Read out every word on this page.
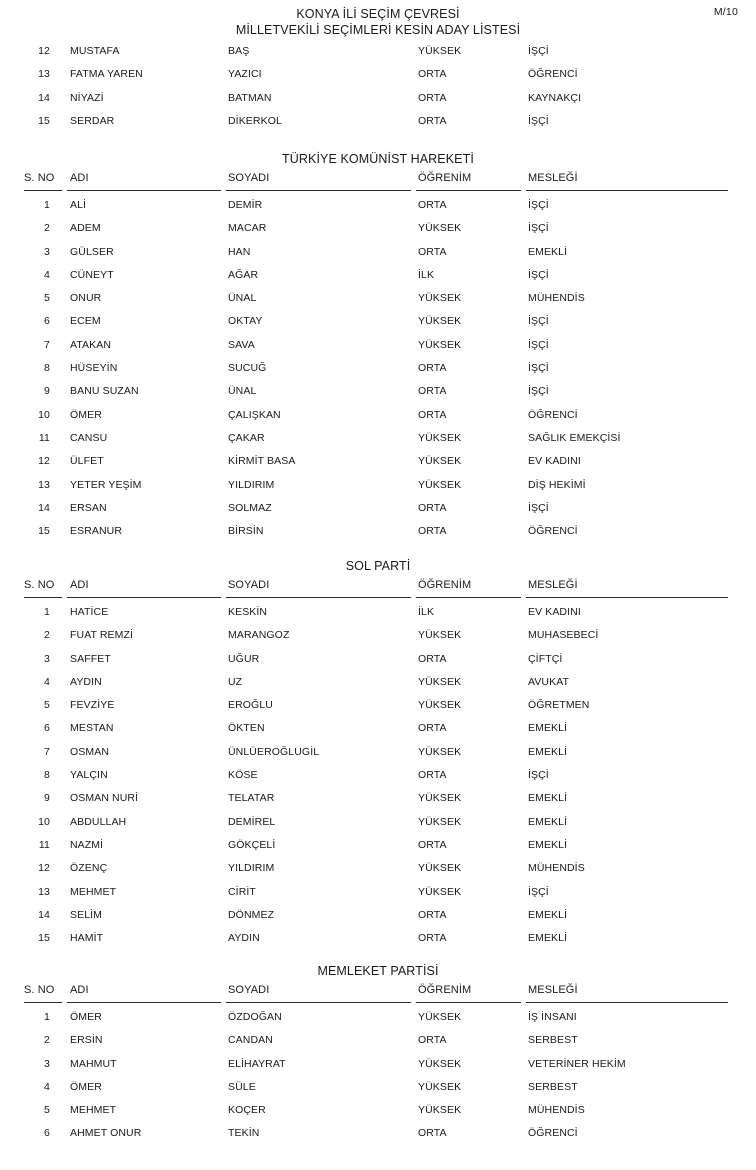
KONYA İLİ SEÇİM ÇEVRESİ
MİLLETVEKİLİ SEÇİMLERİ KESİN ADAY LİSTESİ
M/10
12 MUSTAFA	BAŞ	YÜKSEK	İŞÇİ
13 FATMA YAREN	YAZICI	ORTA	ÖĞRENCİ
14 NİYAZİ	BATMAN	ORTA	KAYNAKÇI
15 SERDAR	DİKERKOL	ORTA	İŞÇİ
TÜRKİYE KOMÜNİST HAREKETİ
S. NO	ADI	SOYADI	ÖĞRENİM	MESLEĞİ
1 ALİ	DEMİR	ORTA	İŞÇİ
2 ADEM	MACAR	YÜKSEK	İŞÇİ
3 GÜLSER	HAN	ORTA	EMEKLİ
4 CÜNEYT	AĞAR	İLK	İŞÇİ
5 ONUR	ÜNAL	YÜKSEK	MÜHENDİS
6 ECEM	OKTAY	YÜKSEK	İŞÇİ
7 ATAKAN	SAVA	YÜKSEK	İŞÇİ
8 HÜSEYİN	SUCUĞ	ORTA	İŞÇİ
9 BANU SUZAN	ÜNAL	ORTA	İŞÇİ
10 ÖMER	ÇALIŞKAN	ORTA	ÖĞRENCİ
11 CANSU	ÇAKAR	YÜKSEK	SAĞLIK EMEKÇİSİ
12 ÜLFET	KİRMİT BASA	YÜKSEK	EV KADINI
13 YETER YEŞİM	YILDIRIM	YÜKSEK	DİŞ HEKİMİ
14 ERSAN	SOLMAZ	ORTA	İŞÇİ
15 ESRANUR	BİRSİN	ORTA	ÖĞRENCİ
SOL PARTİ
S. NO	ADI	SOYADI	ÖĞRENİM	MESLEĞİ
1 HATİCE	KESKİN	İLK	EV KADINI
2 FUAT REMZİ	MARANGOZ	YÜKSEK	MUHASEBECİ
3 SAFFET	UĞUR	ORTA	ÇİFTÇİ
4 AYDIN	UZ	YÜKSEK	AVUKAT
5 FEVZİYE	EROĞLU	YÜKSEK	ÖĞRETMEN
6 MESTAN	ÖKTEN	ORTA	EMEKLİ
7 OSMAN	ÜNLÜEROĞLUGİL	YÜKSEK	EMEKLİ
8 YALÇIN	KÖSE	ORTA	İŞÇİ
9 OSMAN NURİ	TELATAR	YÜKSEK	EMEKLİ
10 ABDULLAH	DEMİREL	YÜKSEK	EMEKLİ
11 NAZMİ	GÖKÇELİ	ORTA	EMEKLİ
12 ÖZENÇ	YILDIRIM	YÜKSEK	MÜHENDİS
13 MEHMET	CİRİT	YÜKSEK	İŞÇİ
14 SELİM	DÖNMEZ	ORTA	EMEKLİ
15 HAMİT	AYDIN	ORTA	EMEKLİ
MEMLEKET PARTİSİ
S. NO	ADI	SOYADI	ÖĞRENİM	MESLEĞİ
1 ÖMER	ÖZDOĞAN	YÜKSEK	İŞ İNSANI
2 ERSİN	CANDAN	ORTA	SERBEST
3 MAHMUT	ELİHAYRAT	YÜKSEK	VETERİNER HEKİM
4 ÖMER	SÜLE	YÜKSEK	SERBEST
5 MEHMET	KOÇER	YÜKSEK	MÜHENDİS
6 AHMET ONUR	TEKİN	ORTA	ÖĞRENCİ
